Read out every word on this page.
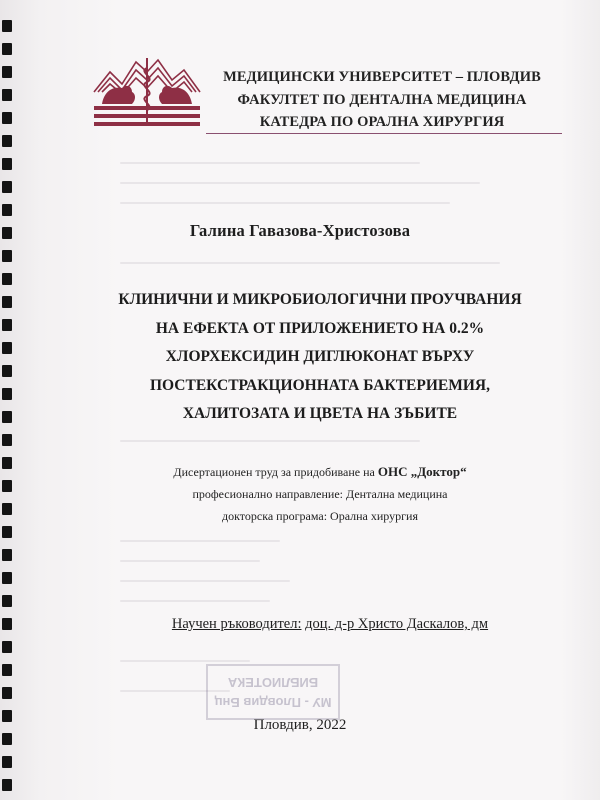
МЕДИЦИНСКИ УНИВЕРСИТЕТ – ПЛОВДИВ
ФАКУЛТЕТ ПО ДЕНТАЛНА МЕДИЦИНА
КАТЕДРА ПО ОРАЛНА ХИРУРГИЯ
Галина Гавазова-Христозова
КЛИНИЧНИ И МИКРОБИОЛОГИЧНИ ПРОУЧВАНИЯ
НА ЕФЕКТА ОТ ПРИЛОЖЕНИЕТО НА 0.2%
ХЛОРХЕКСИДИН ДИГЛЮКОНАТ ВЪРХУ
ПОСТЕКСТРАКЦИОННАТА БАКТЕРИЕМИЯ,
ХАЛИТОЗАТА И ЦВЕТА НА ЗЪБИТЕ
Дисертационен труд за придобиване на ОНС „Доктор“
професионално направление: Дентална медицина
докторска програма: Орална хирургия
Научен ръководител: доц. д-р Христо Даскалов, дм
МУ - Пловдив Бнц
БИБЛИОТЕКА
Пловдив, 2022
